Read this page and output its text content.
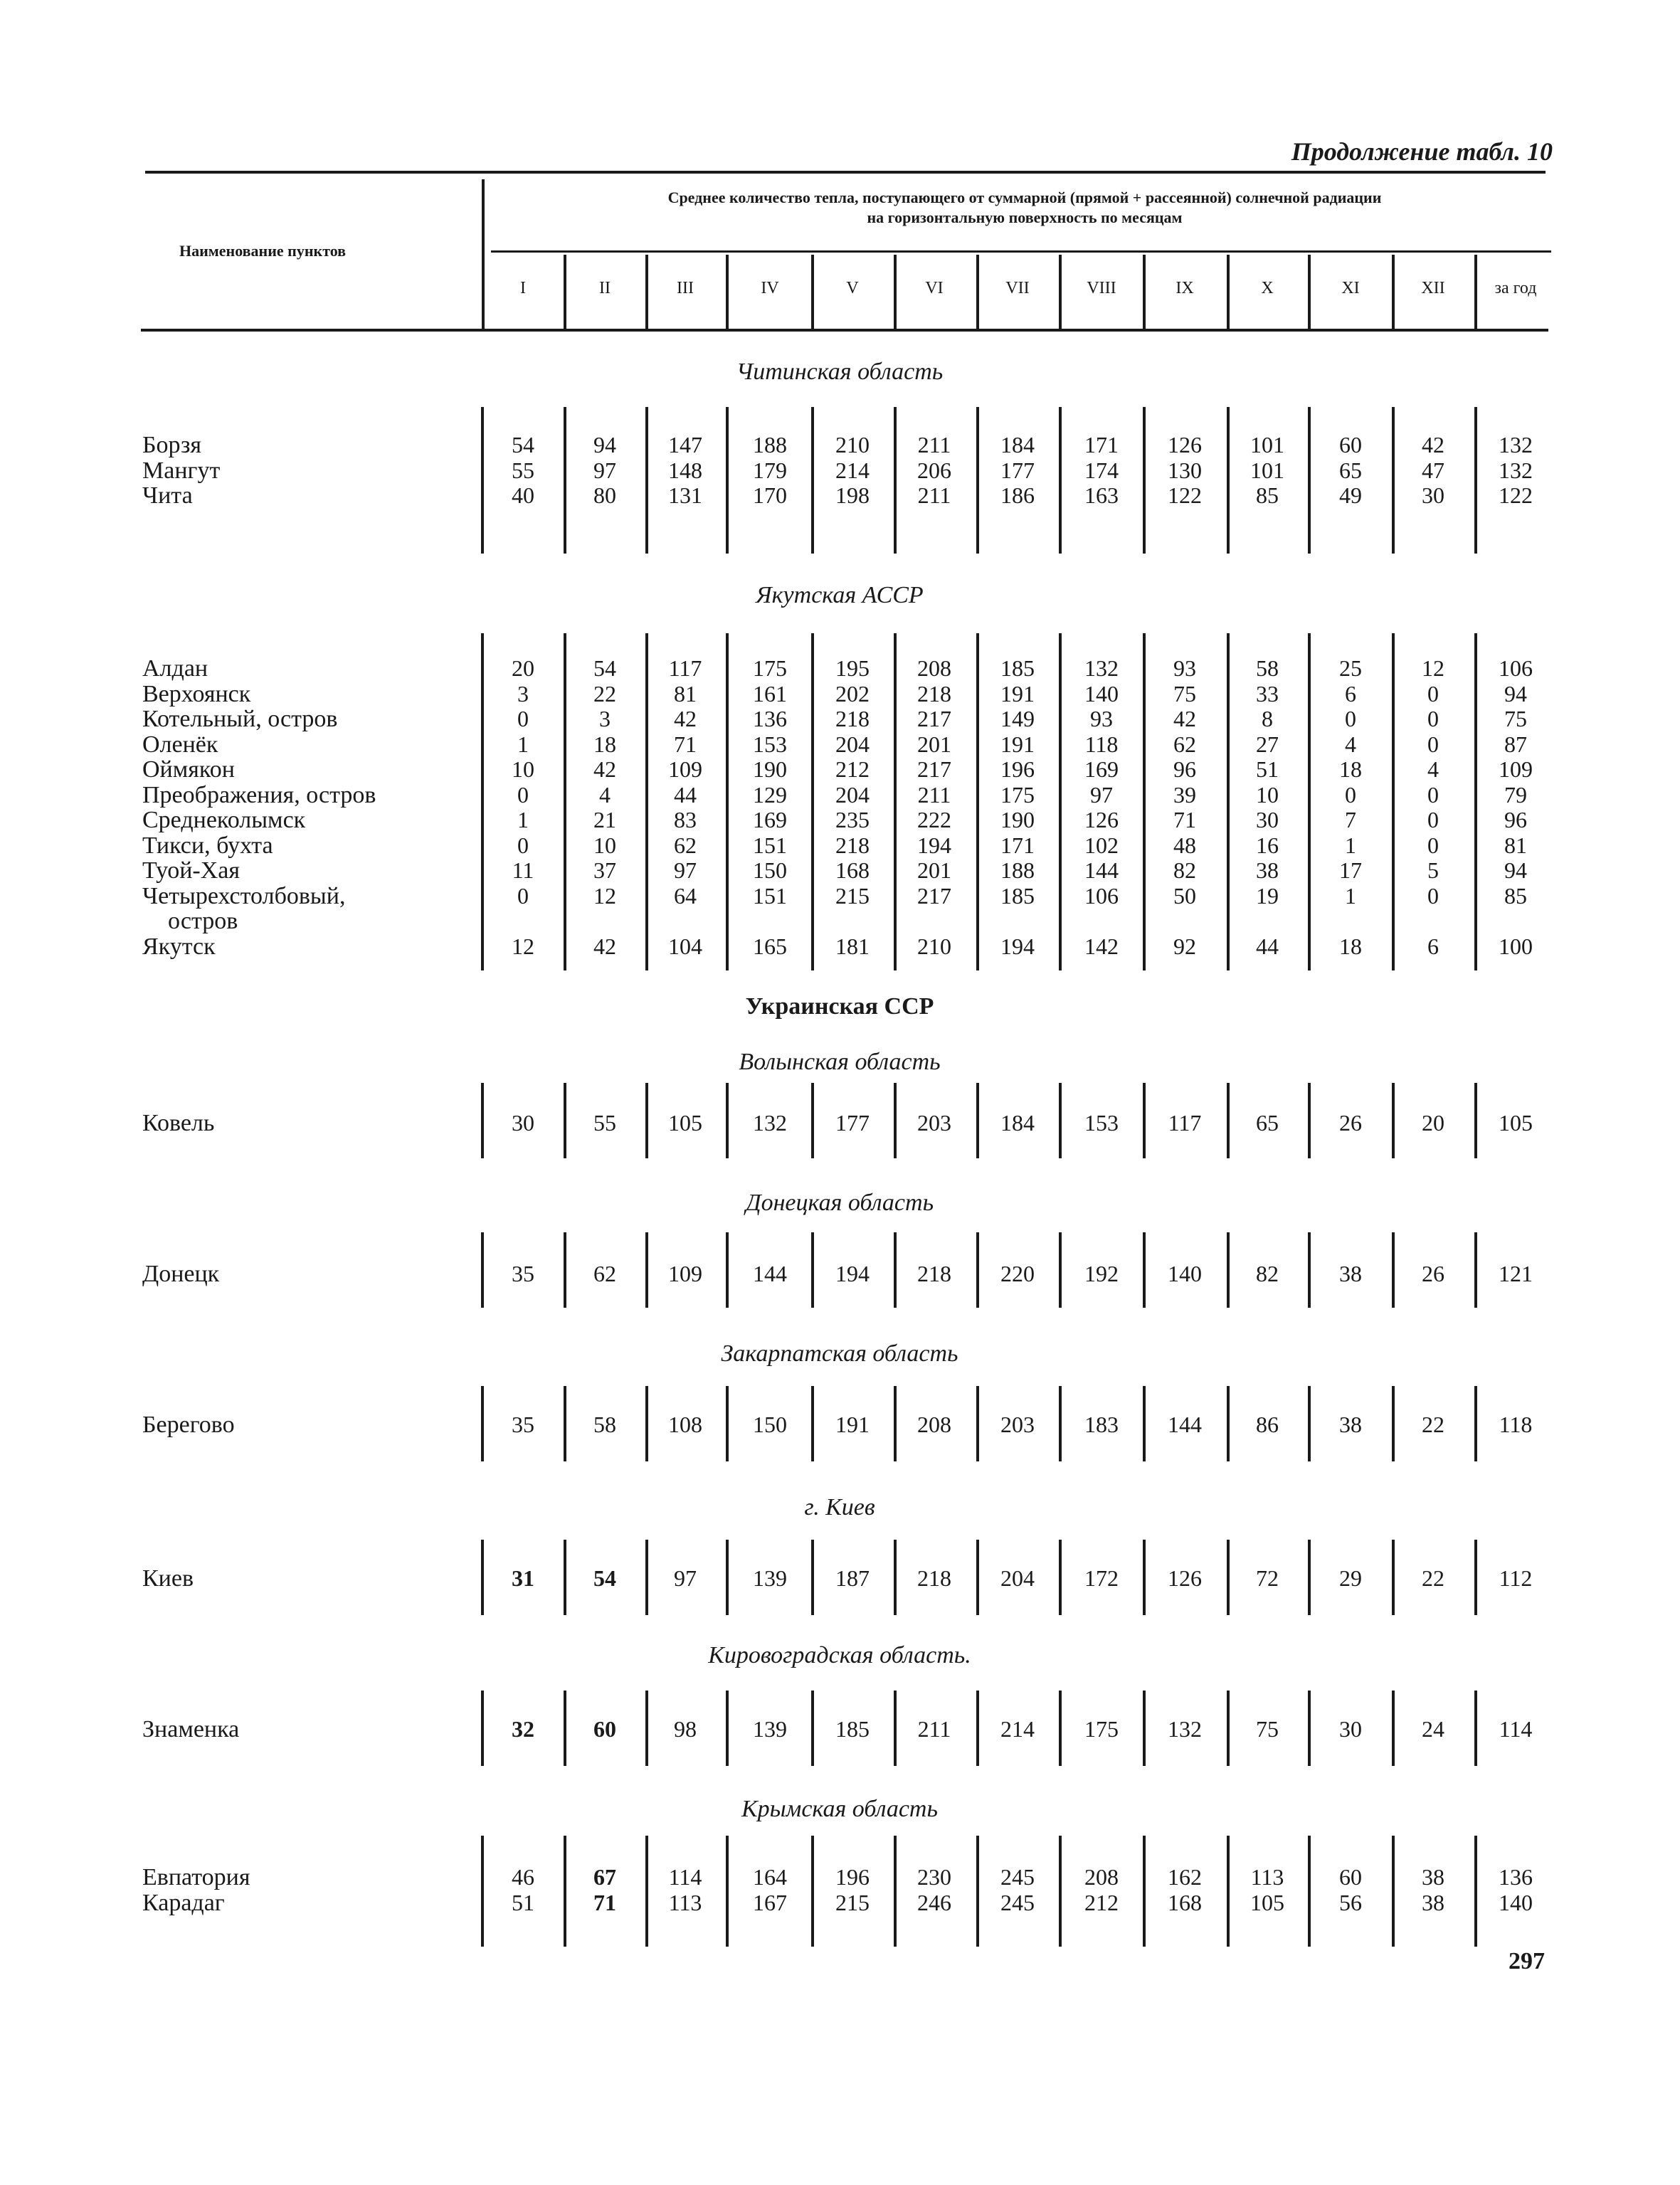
Продолжение табл. 10
Наименование пунктов
Среднее количество тепла, поступающего от суммарной (прямой + рассеянной) солнечной радиации
на горизонтальную поверхность по месяцам
I	II	III	IV	V	VI	VII	VIII	IX	X	XI	XII	за год
Читинская область
Борзя	54	94	147	188	210	211	184	171	126	101	60	42	132
Мангут	55	97	148	179	214	206	177	174	130	101	65	47	132
Чита	40	80	131	170	198	211	186	163	122	85	49	30	122
Якутская АССР
Алдан	20	54	117	175	195	208	185	132	93	58	25	12	106
Верхоянск	3	22	81	161	202	218	191	140	75	33	6	0	94
Котельный, остров	0	3	42	136	218	217	149	93	42	8	0	0	75
Оленёк	1	18	71	153	204	201	191	118	62	27	4	0	87
Оймякон	10	42	109	190	212	217	196	169	96	51	18	4	109
Преображения, остров	0	4	44	129	204	211	175	97	39	10	0	0	79
Среднеколымск	1	21	83	169	235	222	190	126	71	30	7	0	96
Тикси, бухта	0	10	62	151	218	194	171	102	48	16	1	0	81
Туой-Хая	11	37	97	150	168	201	188	144	82	38	17	5	94
Четырехстолбовый,	0	12	64	151	215	217	185	106	50	19	1	0	85
остров
Якутск	12	42	104	165	181	210	194	142	92	44	18	6	100
Украинская ССР
Волынская область
Ковель	30	55	105	132	177	203	184	153	117	65	26	20	105
Донецкая область
Донецк	35	62	109	144	194	218	220	192	140	82	38	26	121
Закарпатская область
Берегово	35	58	108	150	191	208	203	183	144	86	38	22	118
г. Киев
Киев	31	54	97	139	187	218	204	172	126	72	29	22	112
Кировоградская область.
Знаменка	32	60	98	139	185	211	214	175	132	75	30	24	114
Крымская область
Евпатория	46	67	114	164	196	230	245	208	162	113	60	38	136
Карадаг	51	71	113	167	215	246	245	212	168	105	56	38	140
297
